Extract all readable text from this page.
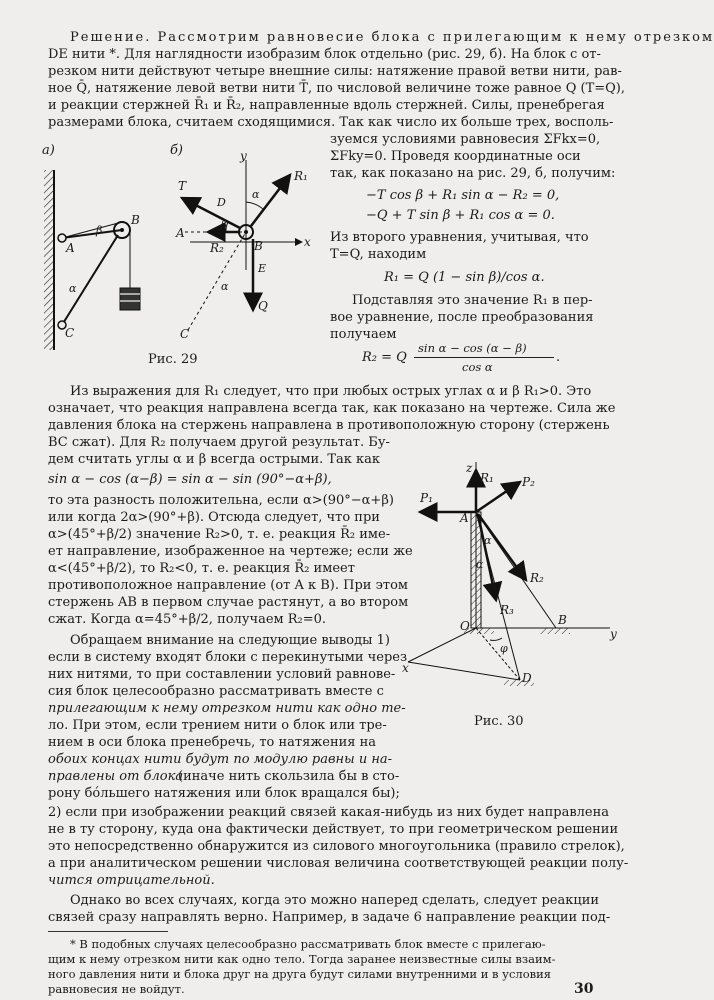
Решение. Рассмотрим равновесие блока с прилегающим к нему отрезком
DE нити *. Для наглядности изобразим блок отдельно (рис. 29, б). На блок с от-
резком нити действуют четыре внешние силы: натяжение правой ветви нити, рав-
ное Q̄, натяжение левой ветви нити T̄, по числовой величине тоже равное Q (T=Q),
и реакции стержней R̄₁ и R̄₂, направленные вдоль стержней. Силы, пренебрегая
размерами блока, считаем сходящимися. Так как число их больше трех, восполь-
зуемся условиями равновесия ΣFkx=0,
ΣFky=0. Проведя координатные оси
так, как показано на рис. 29, б, получим:
−T cos β + R₁ sin α − R₂ = 0,
−Q + T sin β + R₁ cos α = 0.
Из второго уравнения, учитывая, что
T=Q, находим
R₁ = Q (1 − sin β)/cos α.
Подставляя это значение R₁ в пер-
вое уравнение, после преобразования
получаем
R₂ = Q
sin α − cos (α − β)
cos α
.
а)
A
B
C
β
α
б)	y
x
A
C
B
R₂
T
D
R₁
Q
E
β
α
α
Рис. 29
Из выражения для R₁ следует, что при любых острых углах α и β R₁>0. Это
означает, что реакция направлена всегда так, как показано на чертеже. Сила же
давления блока на стержень направлена в противоположную сторону (стержень
BC сжат). Для R₂ получаем другой результат. Бу-
дем считать углы α и β всегда острыми. Так как
sin α − cos (α−β) = sin α − sin (90°−α+β),
то эта разность положительна, если α>(90°−α+β)
или когда 2α>(90°+β). Отсюда следует, что при
α>(45°+β/2) значение R₂>0, т. е. реакция R̄₂ име-
ет направление, изображенное на чертеже; если же
α<(45°+β/2), то R₂<0, т. е. реакция R̄₂ имеет
противоположное направление (от A к B). При этом
стержень AB в первом случае растянут, а во втором
сжат. Когда α=45°+β/2, получаем R₂=0.
Обращаем внимание на следующие выводы 1)
если в систему входят блоки с перекинутыми через
них нитями, то при составлении условий равнове-
сия блок целесообразно рассматривать вместе с
прилегающим к нему отрезком нити как одно те-
ло. При этом, если трением нити о блок или тре-
нием в оси блока пренебречь, то натяжения на
обоих концах нити будут по модулю равны и на-
правлены от блока
(иначе нить скользила бы в сто-
рону бóльшего натяжения или блок вращался бы);
2) если при изображении реакций связей какая-нибудь из них будет направлена
не в ту сторону, куда она фактически действует, то при геометрическом решении
это непосредственно обнаружится из силового многоугольника (правило стрелок),
а при аналитическом решении числовая величина соответствующей реакции полу-
чится отрицательной.
Однако во всех случаях, когда это можно наперед сделать, следует реакции
связей сразу направлять верно. Например, в задаче 6 направление реакции под-
z
y
x
P₁
R₁ P₂
R₂
R₃
A
B
O
D
α
α
φ
Рис. 30
* В подобных случаях целесообразно рассматривать блок вместе с прилегаю-
щим к нему отрезком нити как одно тело. Тогда заранее неизвестные силы взаим-
ного давления нити и блока друг на друга будут силами внутренними и в условия
равновесия не войдут.	30
